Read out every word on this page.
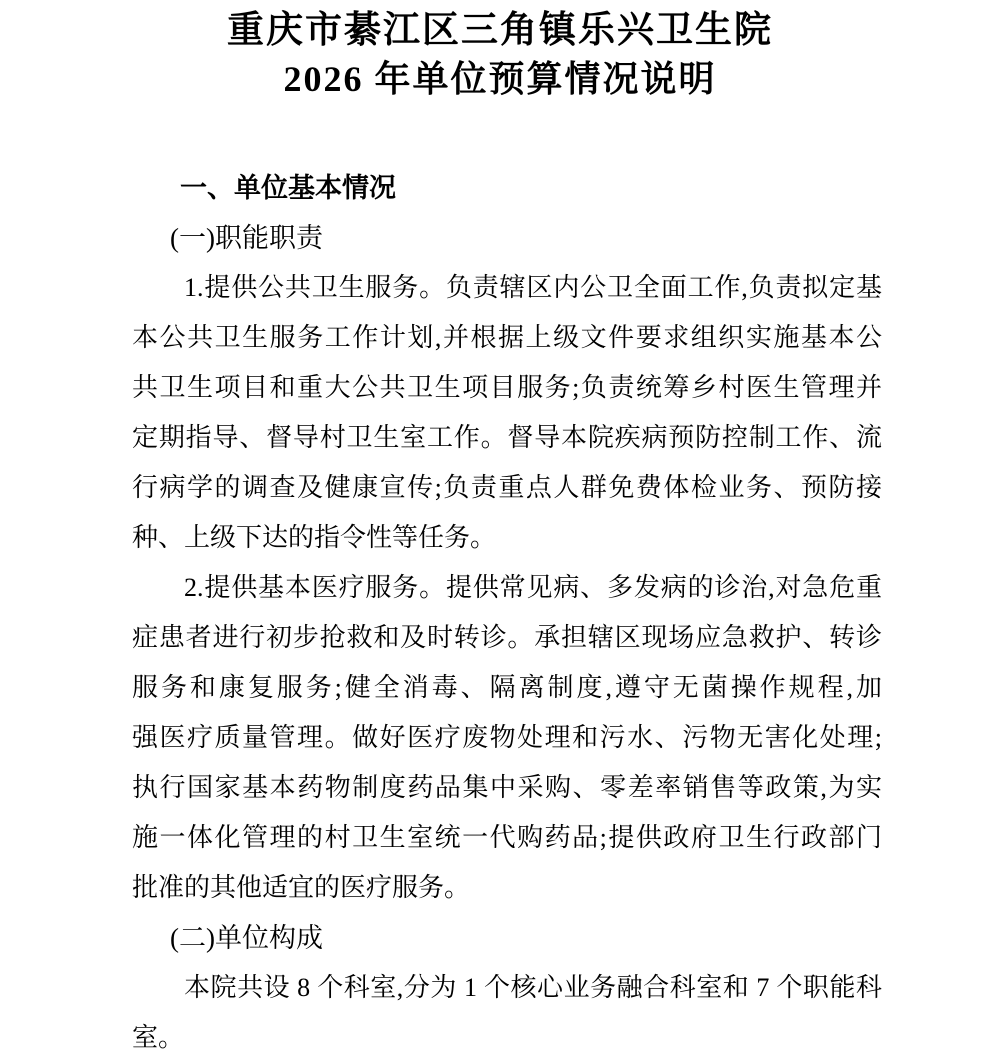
重庆市綦江区三角镇乐兴卫生院
2026 年单位预算情况说明
一、单位基本情况
(一)职能职责
1.提供公共卫生服务。负责辖区内公卫全面工作,负责拟定基
本公共卫生服务工作计划,并根据上级文件要求组织实施基本公
共卫生项目和重大公共卫生项目服务;负责统筹乡村医生管理并
定期指导、督导村卫生室工作。督导本院疾病预防控制工作、流
行病学的调查及健康宣传;负责重点人群免费体检业务、预防接
种、上级下达的指令性等任务。
2.提供基本医疗服务。提供常见病、多发病的诊治,对急危重
症患者进行初步抢救和及时转诊。承担辖区现场应急救护、转诊
服务和康复服务;健全消毒、隔离制度,遵守无菌操作规程,加
强医疗质量管理。做好医疗废物处理和污水、污物无害化处理;
执行国家基本药物制度药品集中采购、零差率销售等政策,为实
施一体化管理的村卫生室统一代购药品;提供政府卫生行政部门
批准的其他适宜的医疗服务。
(二)单位构成
本院共设 8 个科室,分为 1 个核心业务融合科室和 7 个职能科
室。
